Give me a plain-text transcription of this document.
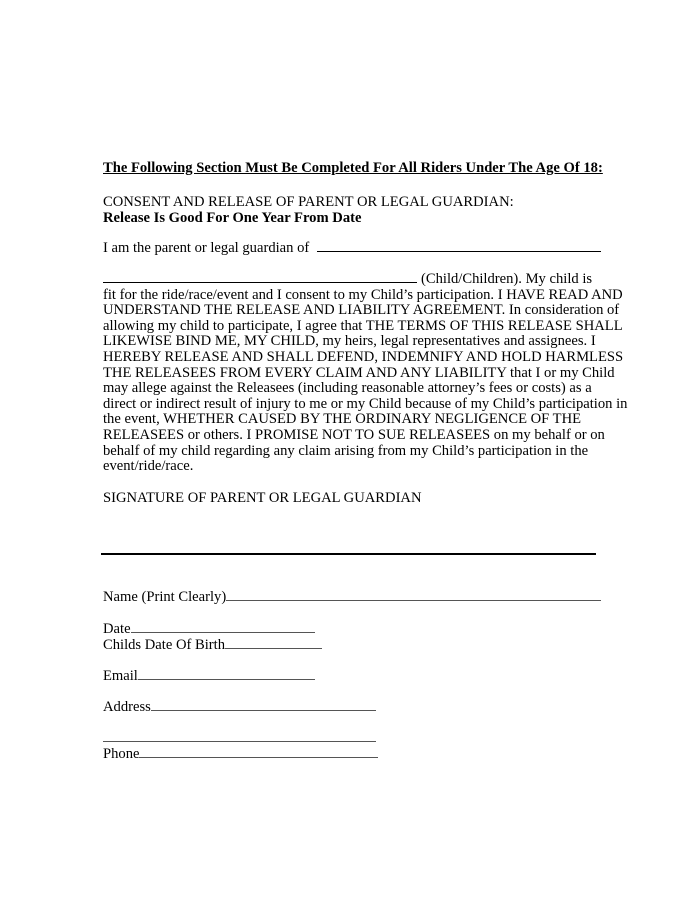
The Following Section Must Be Completed For All Riders Under The Age Of 18:
CONSENT AND RELEASE OF PARENT OR LEGAL GUARDIAN:
Release Is Good For One Year From Date
I am the parent or legal guardian of
(Child/Children). My child is
fit for the ride/race/event and I consent to my Child’s participation. I HAVE READ AND
UNDERSTAND THE RELEASE AND LIABILITY AGREEMENT. In consideration of
allowing my child to participate, I agree that THE TERMS OF THIS RELEASE SHALL
LIKEWISE BIND ME, MY CHILD, my heirs, legal representatives and assignees. I
HEREBY RELEASE AND SHALL DEFEND, INDEMNIFY AND HOLD HARMLESS
THE RELEASEES FROM EVERY CLAIM AND ANY LIABILITY that I or my Child
may allege against the Releasees (including reasonable attorney’s fees or costs) as a
direct or indirect result of injury to me or my Child because of my Child’s participation in
the event, WHETHER CAUSED BY THE ORDINARY NEGLIGENCE OF THE
RELEASEES or others. I PROMISE NOT TO SUE RELEASEES on my behalf or on
behalf of my child regarding any claim arising from my Child’s participation in the
event/ride/race.
SIGNATURE OF PARENT OR LEGAL GUARDIAN
Name (Print Clearly)
Date
Childs Date Of Birth
Email
Address
Phone
